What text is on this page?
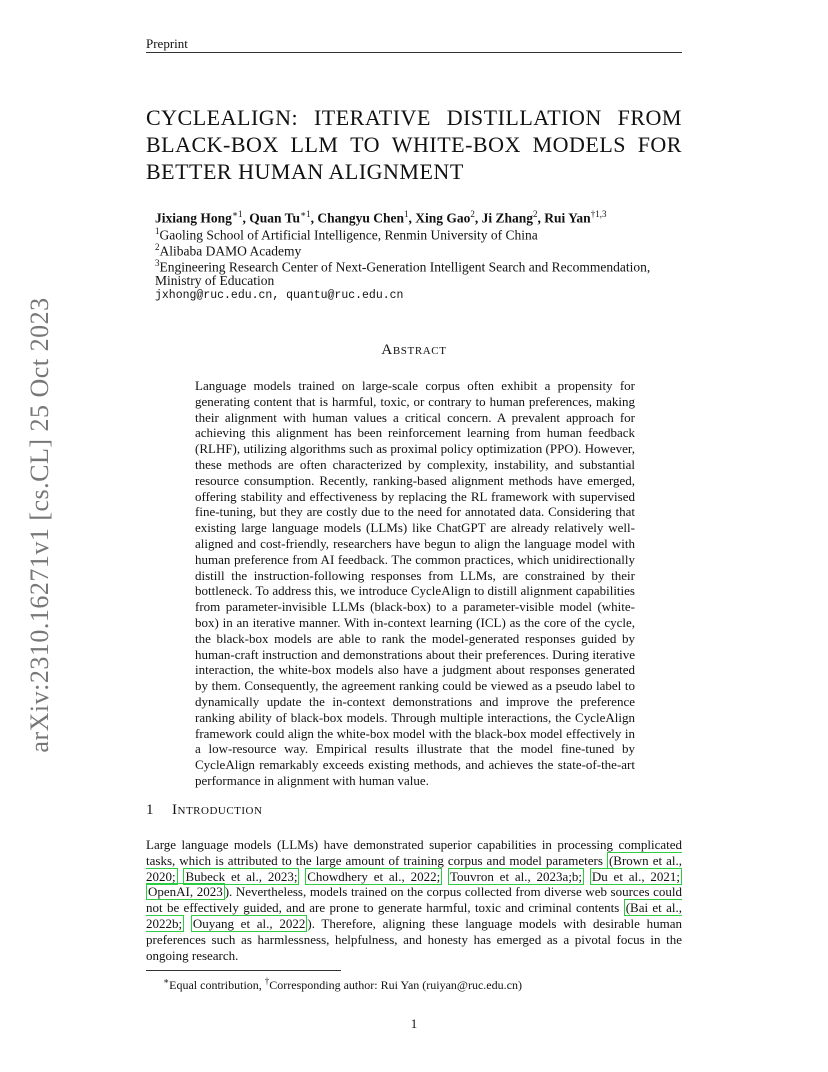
Preprint
arXiv:2310.16271v1 [cs.CL] 25 Oct 2023
CYCLEALIGN: ITERATIVE DISTILLATION FROM
BLACK-BOX LLM TO WHITE-BOX MODELS FOR
BETTER HUMAN ALIGNMENT
Jixiang Hong$^{∗1}$, Quan $Tu^{∗1}$, Changyu Chen$^1$, Xing Gao$^2$, Ji Zhang$^2$, Rui Yan$^{\dagger 1,3}$
$^1$Gaoling School of Artificial Intelligence, Renmin University of China
$^2$Alibaba DAMO Academy
$^3$Engineering Research Center of Next-Generation Intelligent Search and Recommendation,
Ministry of Education
jxhong@ruc.edu.cn, quantu@ruc.edu.cn
Abstract
Language models trained on large-scale corpus often exhibit a propensity for generating content that is harmful, toxic, or contrary to human preferences, making their alignment with human values a critical concern. A prevalent approach for achieving this alignment has been reinforcement learning from human feedback (RLHF), utilizing algorithms such as proximal policy optimization (PPO). However, these methods are often characterized by complexity, instability, and substantial resource consumption. Recently, ranking-based alignment methods have emerged, offering stability and effectiveness by replacing the RL framework with supervised fine-tuning, but they are costly due to the need for annotated data. Considering that existing large language models (LLMs) like ChatGPT are already relatively well-aligned and cost-friendly, researchers have begun to align the language model with human preference from AI feedback. The common practices, which unidirectionally distill the instruction-following responses from LLMs, are constrained by their bottleneck. To address this, we introduce CycleAlign to distill alignment capabilities from parameter-invisible LLMs (black-box) to a parameter-visible model (white-box) in an iterative manner. With in-context learning (ICL) as the core of the cycle, the black-box models are able to rank the model-generated responses guided by human-craft instruction and demonstrations about their preferences. During iterative interaction, the white-box models also have a judgment about responses generated by them. Consequently, the agreement ranking could be viewed as a pseudo label to dynamically update the in-context demonstrations and improve the preference ranking ability of black-box models. Through multiple interactions, the CycleAlign framework could align the white-box model with the black-box model effectively in a low-resource way. Empirical results illustrate that the model fine-tuned by CycleAlign remarkably exceeds existing methods, and achieves the state-of-the-art performance in alignment with human value.
1 Introduction
Large language models (LLMs) have demonstrated superior capabilities in processing complicated tasks, which is attributed to the large amount of training corpus and model parameters (Brown et al., 2020; Bubeck et al., 2023; Chowdhery et al., 2022; Touvron et al., 2023a;b; Du et al., 2021; OpenAI, 2023 ). Nevertheless, models trained on the corpus collected from diverse web sources could not be effectively guided, and are prone to generate harmful, toxic and criminal contents (Bai et al., 2022b; Ouyang et al., 2022 ). Therefore, aligning these language models with desirable human preferences such as harmlessness, helpfulness, and honesty has emerged as a pivotal focus in the ongoing research.
∗Equal contribution, †Corresponding author: Rui Yan (ruiyan@ruc.edu.cn)
1
